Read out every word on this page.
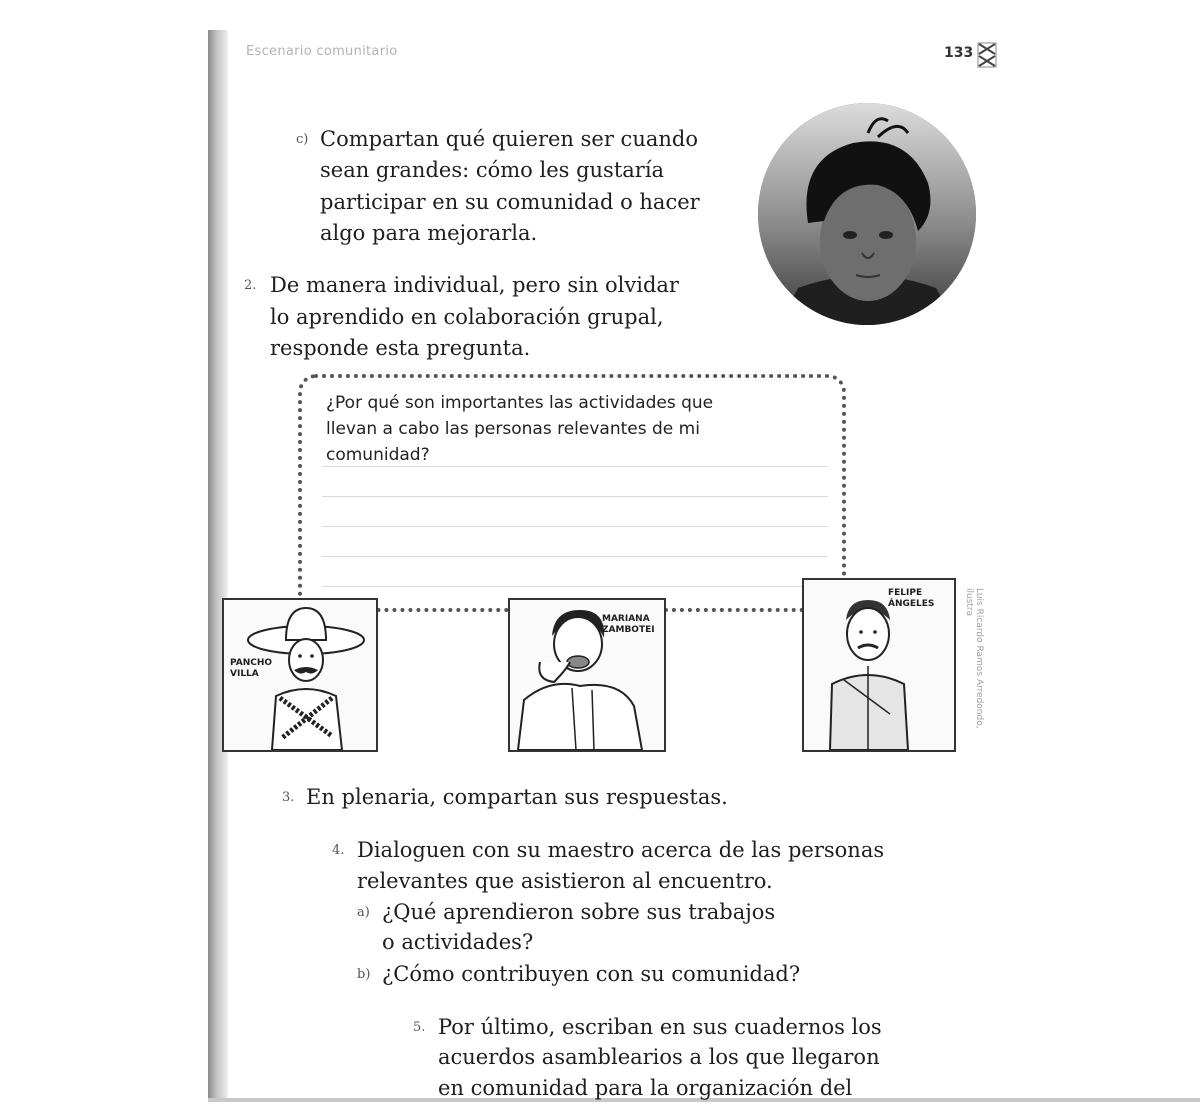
Escenario comunitario	133
c) Compartan qué quieren ser cuando
sean grandes: cómo les gustaría
participar en su comunidad o hacer
algo para mejorarla.
2. De manera individual, pero sin olvidar
lo aprendido en colaboración grupal,
responde esta pregunta.
¿Por qué son importantes las actividades que
llevan a cabo las personas relevantes de mi
comunidad?
PANCHO VILLA
MARIANA ZAMBOTEI
FELIPE ÁNGELES	Luis Ricardo Ramos Arredondo, ilustra
3. En plenaria, compartan sus respuestas.
4. Dialoguen con su maestro acerca de las personas
relevantes que asistieron al encuentro.
a) ¿Qué aprendieron sobre sus trabajos
o actividades?
b) ¿Cómo contribuyen con su comunidad?
5. Por último, escriban en sus cuadernos los
acuerdos asamblearios a los que llegaron
en comunidad para la organización del
